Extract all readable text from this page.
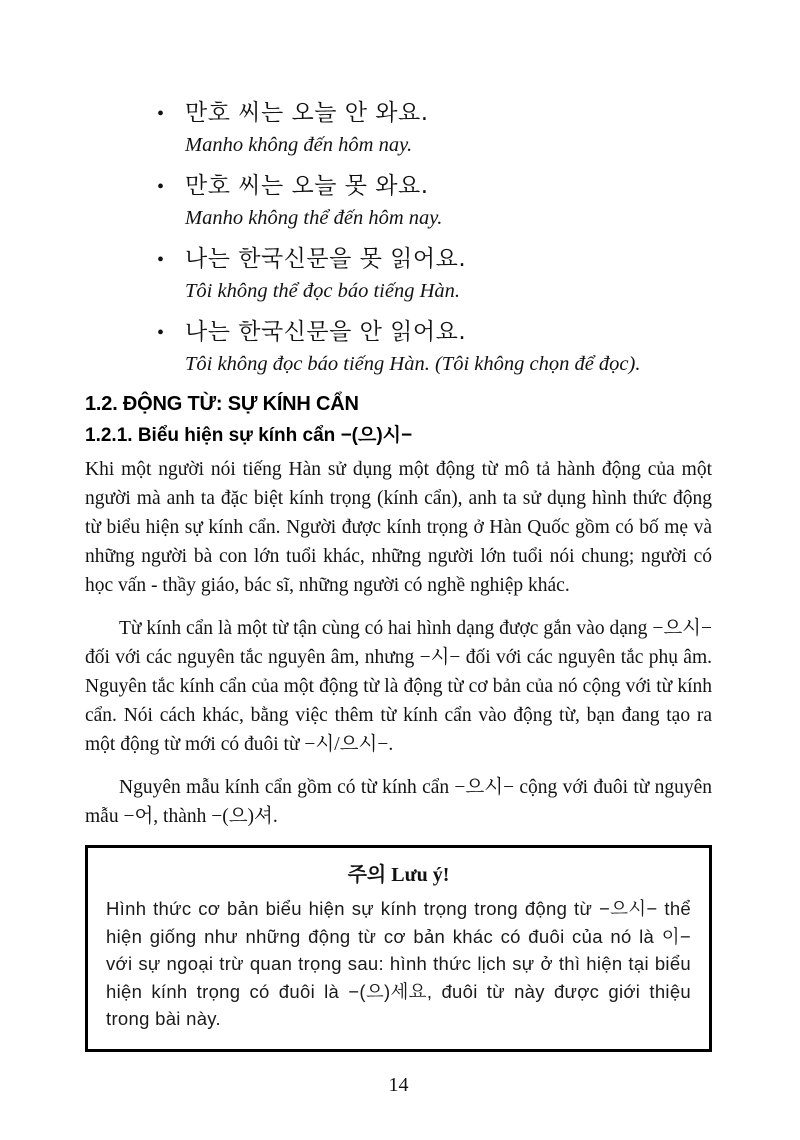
• 만호 씨는 오늘 안 와요.
Manho không đến hôm nay.
• 만호 씨는 오늘 못 와요.
Manho không thể đến hôm nay.
• 나는 한국신문을 못 읽어요.
Tôi không thể đọc báo tiếng Hàn.
• 나는 한국신문을 안 읽어요.
Tôi không đọc báo tiếng Hàn. (Tôi không chọn để đọc).
1.2. ĐỘNG TỪ: SỰ KÍNH CẨN
1.2.1. Biểu hiện sự kính cẩn −(으)시−

Khi một người nói tiếng Hàn sử dụng một động từ mô tả hành động của một người mà anh ta đặc biệt kính trọng (kính cẩn), anh ta sử dụng hình thức động từ biểu hiện sự kính cẩn. Người được kính trọng ở Hàn Quốc gồm có bố mẹ và những người bà con lớn tuổi khác, những người lớn tuổi nói chung; người có học vấn - thầy giáo, bác sĩ, những người có nghề nghiệp khác.

Từ kính cẩn là một từ tận cùng có hai hình dạng được gắn vào dạng −으시− đối với các nguyên tắc nguyên âm, nhưng −시− đối với các nguyên tắc phụ âm. Nguyên tắc kính cẩn của một động từ là động từ cơ bản của nó cộng với từ kính cẩn. Nói cách khác, bằng việc thêm từ kính cẩn vào động từ, bạn đang tạo ra một động từ mới có đuôi từ −시/으시−.

Nguyên mẫu kính cẩn gồm có từ kính cẩn −으시− cộng với đuôi từ nguyên mẫu −어, thành −(으)셔.

주의 Lưu ý!
Hình thức cơ bản biểu hiện sự kính trọng trong động từ −으시− thể hiện giống như những động từ cơ bản khác có đuôi của nó là 이− với sự ngoại trừ quan trọng sau: hình thức lịch sự ở thì hiện tại biểu hiện kính trọng có đuôi là −(으)세요, đuôi từ này được giới thiệu trong bài này.
14
